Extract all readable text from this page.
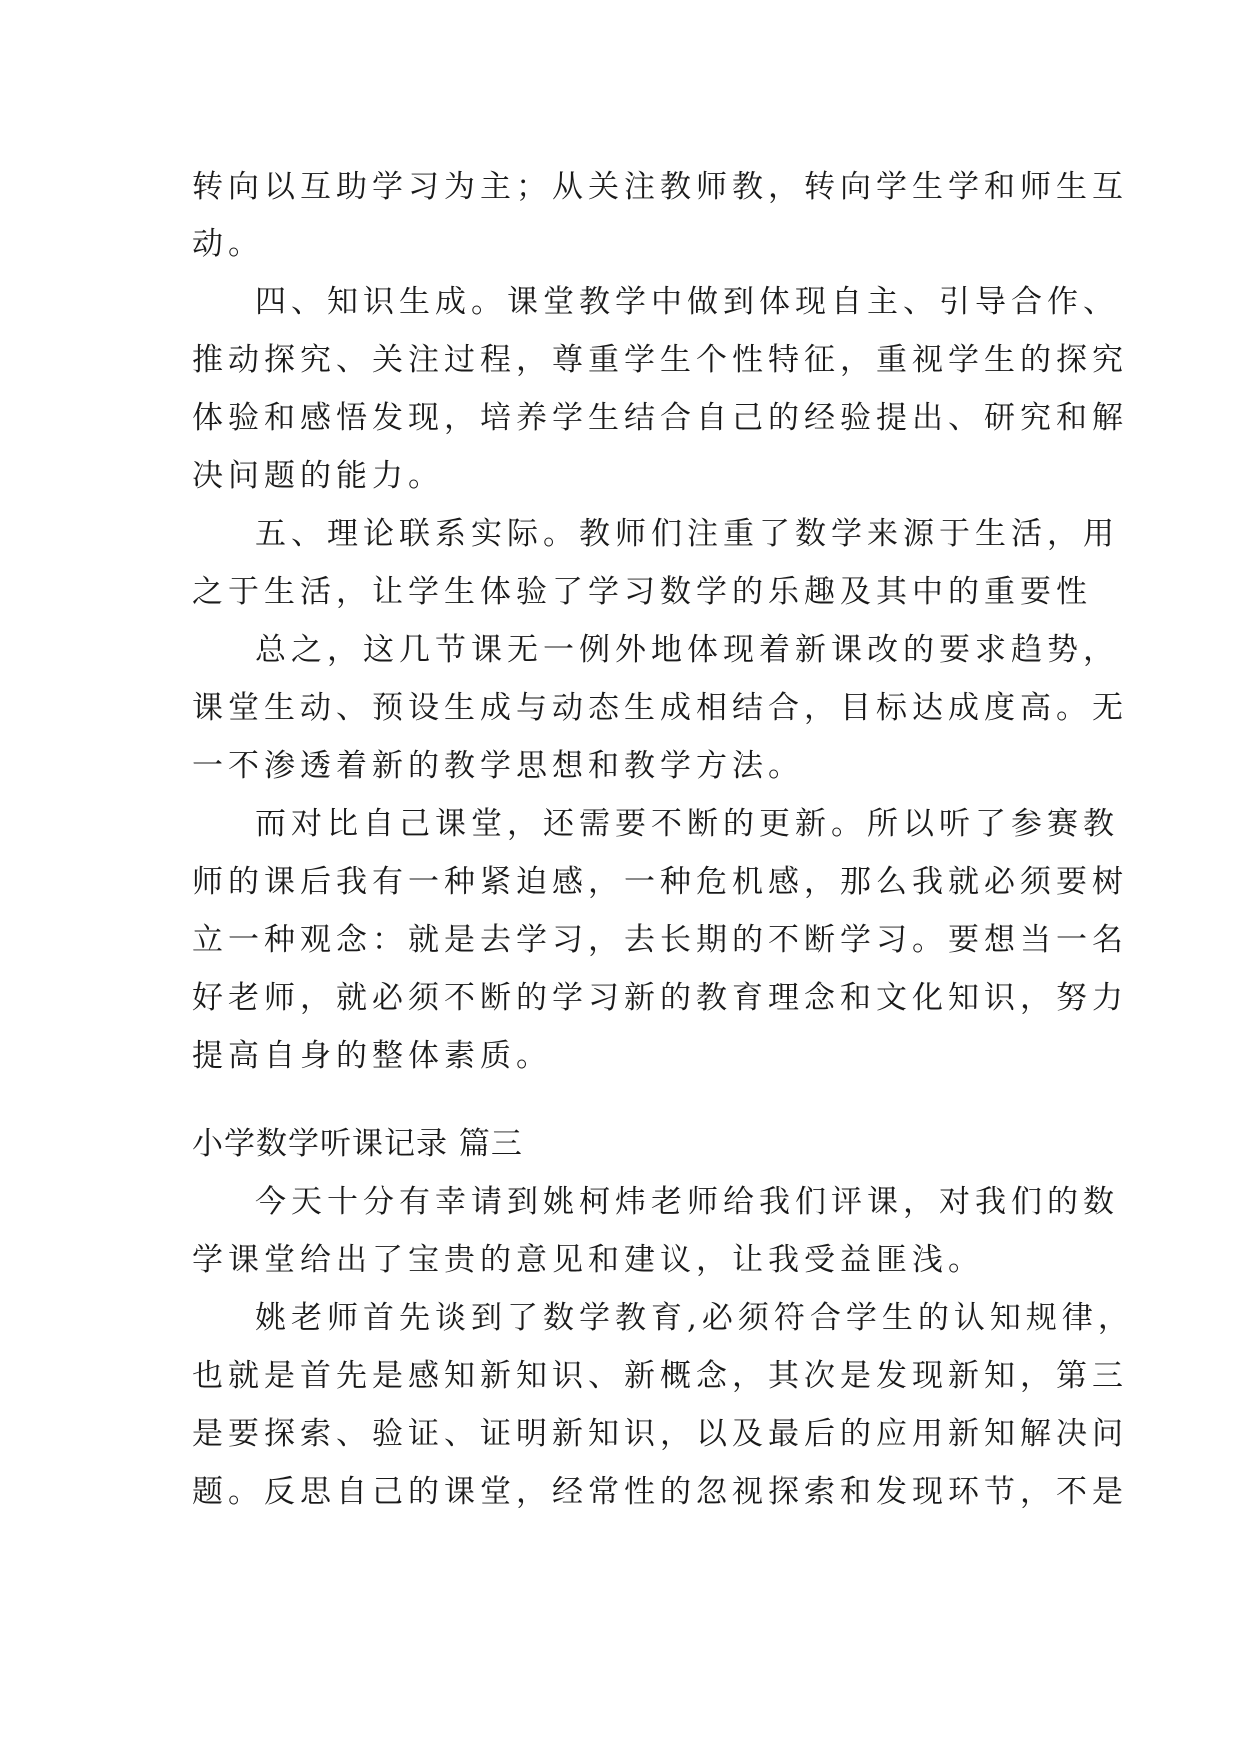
转向以互助学习为主；从关注教师教，转向学生学和师生互
动。
四、知识生成。课堂教学中做到体现自主、引导合作、
推动探究、关注过程，尊重学生个性特征，重视学生的探究
体验和感悟发现，培养学生结合自己的经验提出、研究和解
决问题的能力。
五、理论联系实际。教师们注重了数学来源于生活，用
之于生活，让学生体验了学习数学的乐趣及其中的重要性
总之，这几节课无一例外地体现着新课改的要求趋势，
课堂生动、预设生成与动态生成相结合，目标达成度高。无
一不渗透着新的教学思想和教学方法。
而对比自己课堂，还需要不断的更新。所以听了参赛教
师的课后我有一种紧迫感，一种危机感，那么我就必须要树
立一种观念：就是去学习，去长期的不断学习。要想当一名
好老师，就必须不断的学习新的教育理念和文化知识，努力
提高自身的整体素质。
小学数学听课记录 篇三
今天十分有幸请到姚柯炜老师给我们评课，对我们的数
学课堂给出了宝贵的意见和建议，让我受益匪浅。
姚老师首先谈到了数学教育,必须符合学生的认知规律，
也就是首先是感知新知识、新概念，其次是发现新知，第三
是要探索、验证、证明新知识，以及最后的应用新知解决问
题。反思自己的课堂，经常性的忽视探索和发现环节，不是
